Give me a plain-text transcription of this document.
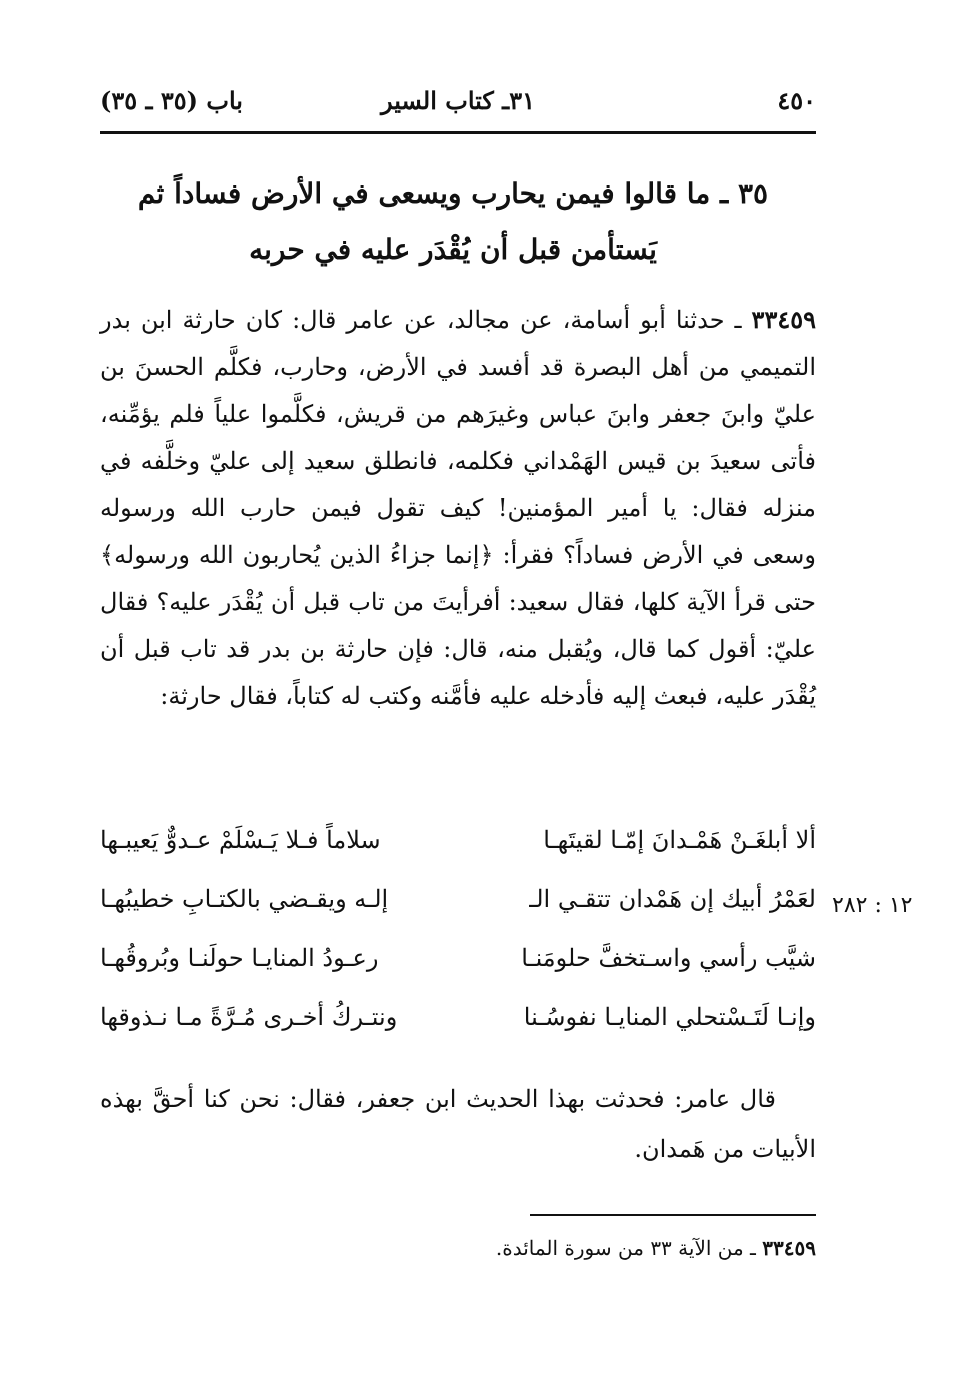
٤٥٠
٣١ـ كتاب السير
باب (٣٥ ـ ٣٥)
٣٥ ـ ما قالوا فيمن يحارب ويسعى في الأرض فساداً ثم يَستأمن قبل أن يُقْدَر عليه في حربه
٣٣٤٥٩ ـ حدثنا أبو أسامة، عن مجالد، عن عامر قال: كان حارثة ابن بدر التميمي من أهل البصرة قد أفسد في الأرض، وحارب، فكلَّم الحسنَ بن عليّ وابنَ جعفر وابنَ عباس وغيرَهم من قريش، فكلَّموا علياً فلم يؤمِّنه، فأتى سعيدَ بن قيس الهَمْداني فكلمه، فانطلق سعيد إلى عليّ وخلَّفه في منزله فقال: يا أمير المؤمنين! كيف تقول فيمن حارب الله ورسوله وسعى في الأرض فساداً؟ فقرأ: ﴿إنما جزاءُ الذين يُحاربون الله ورسوله﴾ حتى قرأ الآية كلها، فقال سعيد: أفرأيتَ من تاب قبل أن يُقْدَر عليه؟ فقال عليّ: أقول كما قال، ويُقبل منه، قال: فإن حارثة بن بدر قد تاب قبل أن يُقْدَر عليه، فبعث إليه فأدخله عليه فأمَّنه وكتب له كتاباً، فقال حارثة:
ألا أبلغَـنْ هَمْـدانَ إمّـا لقيتَهـا
سلاماً فـلا يَـسْلَمْ عـدوٌّ يَعيبـها
لعَمْرُ أبيك إن هَمْدان تتقـي الـ
إلـه ويقـضي بالكتـابِ خطيبُهـا
شيَّب رأسي واسـتخفَّ حلومَنـا
رعـودُ المنايـا حولَنـا وبُروقُهـا
وإنـا لَتَـسْتحلي المنايـا نفوسُـنا
ونتـركُ أخـرى مُـرَّةً مـا نـذوقها
١٢ : ٢٨٢
قال عامر: فحدثت بهذا الحديث ابن جعفر، فقال: نحن كنا أحقَّ بهذه الأبيات من هَمدان.
٣٣٤٥٩ ـ من الآية ٣٣ من سورة المائدة.
